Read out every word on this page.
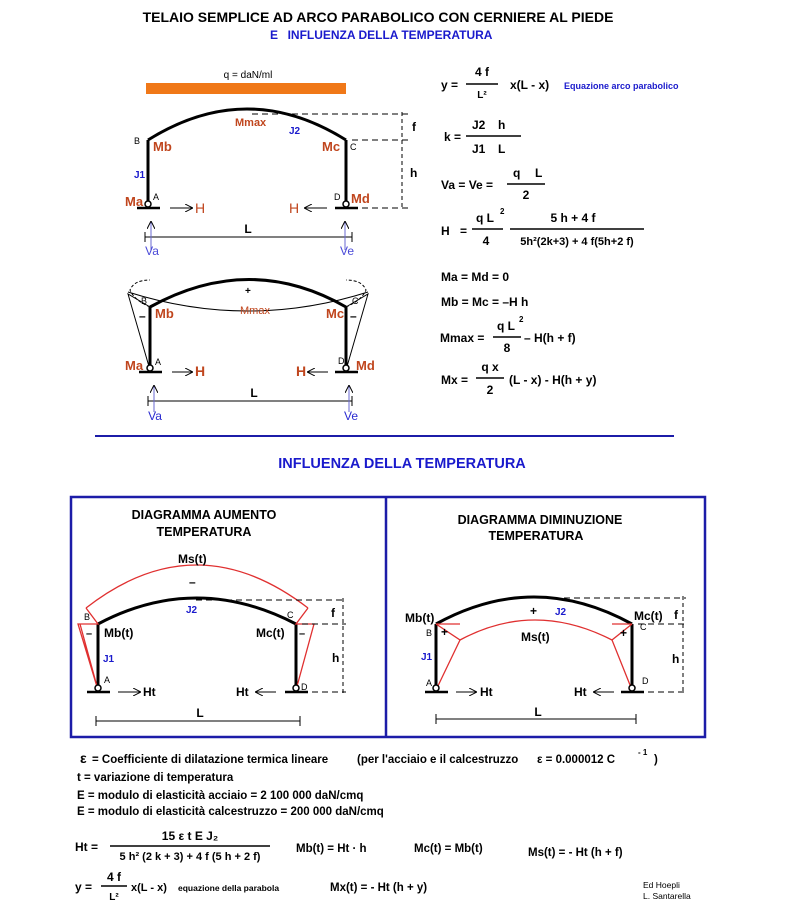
TELAIO SEMPLICE AD ARCO PARABOLICO CON CERNIERE AL PIEDE
E INFLUENZA DELLA TEMPERATURA
q = daN/ml
f
h
L
Va	Ve
H	H
B
C
A	D
Mmax
J2
J1
Mb	Mc
Ma	Md
+
–	–
B	C
A	D
Mb	Mc
Mmax
Ma	Md
H	H
L
Va	Ve
y =
4 f
L²
x(L - x) Equazione arco parabolico
k =
J2 h
J1 L
Va = Ve =
q L
2
H =
q L 2
4
5 h + 4 f
5h²(2k+3) + 4 f(5h+2 f)
Ma = Md = 0
Mb = Mc = –H h
Mmax =
q L 2
8
– H(h + f)
Mx =
q x
2
(L - x) - H(h + y)
INFLUENZA DELLA TEMPERATURA
DIAGRAMMA AUMENTO
TEMPERATURA
Ms(t)
–
J2
B	C
–	–
Mb(t)	Mc(t)
J1
A
D
f
h
Ht	Ht
L
DIAGRAMMA DIMINUZIONE
TEMPERATURA
Mb(t)	Mc(t) f
B
C
+	+
+ J2
Ms(t)
J1
A	D
h
Ht	Ht
L
ε = Coefficiente di dilatazione termica lineare	(per l'acciaio e il calcestruzzo ε = 0.000012 C
- 1
)
t = variazione di temperatura
E = modulo di elasticità acciaio = 2 100 000 daN/cmq
E = modulo di elasticità calcestruzzo = 200 000 daN/cmq
Ht =
15 ε t E J₂
5 h² (2 k + 3) + 4 f (5 h + 2 f)
Mb(t) = Ht · h	Mc(t) = Mb(t)	Ms(t) = - Ht (h + f)
y =
4 f
L²
x(L - x) equazione della parabola	Mx(t) = - Ht (h + y)	Ed Hoepli
L. Santarella
